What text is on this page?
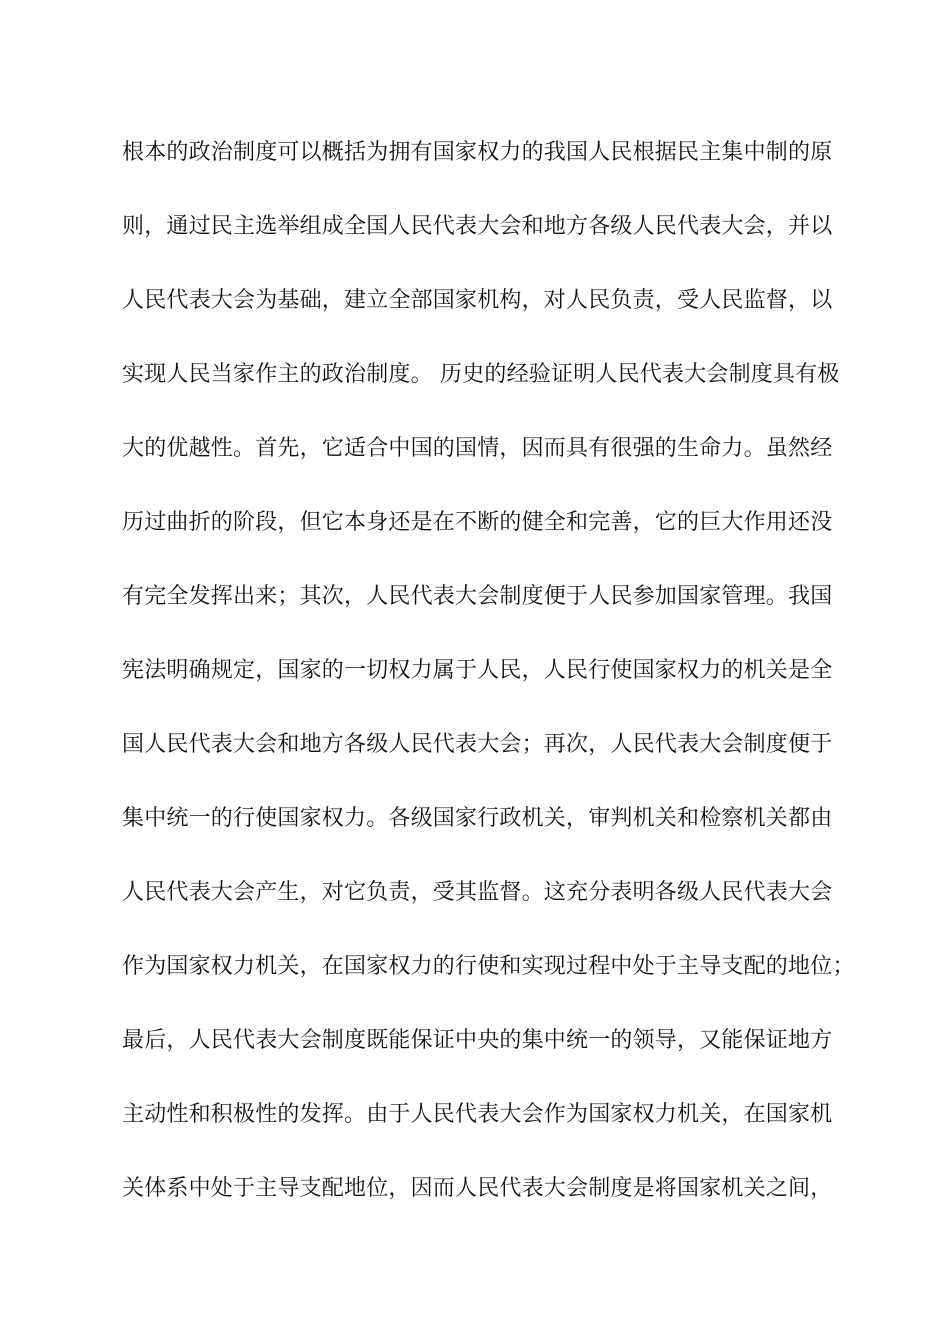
根本的政治制度可以概括为拥有国家权力的我国人民根据民主集中制的原
则，通过民主选举组成全国人民代表大会和地方各级人民代表大会，并以
人民代表大会为基础，建立全部国家机构，对人民负责，受人民监督，以
实现人民当家作主的政治制度。 历史的经验证明人民代表大会制度具有极
大的优越性。首先，它适合中国的国情，因而具有很强的生命力。虽然经
历过曲折的阶段，但它本身还是在不断的健全和完善，它的巨大作用还没
有完全发挥出来；其次，人民代表大会制度便于人民参加国家管理。我国
宪法明确规定，国家的一切权力属于人民，人民行使国家权力的机关是全
国人民代表大会和地方各级人民代表大会；再次，人民代表大会制度便于
集中统一的行使国家权力。各级国家行政机关，审判机关和检察机关都由
人民代表大会产生，对它负责，受其监督。这充分表明各级人民代表大会
作为国家权力机关，在国家权力的行使和实现过程中处于主导支配的地位；
最后，人民代表大会制度既能保证中央的集中统一的领导，又能保证地方
主动性和积极性的发挥。由于人民代表大会作为国家权力机关，在国家机
关体系中处于主导支配地位，因而人民代表大会制度是将国家机关之间，
